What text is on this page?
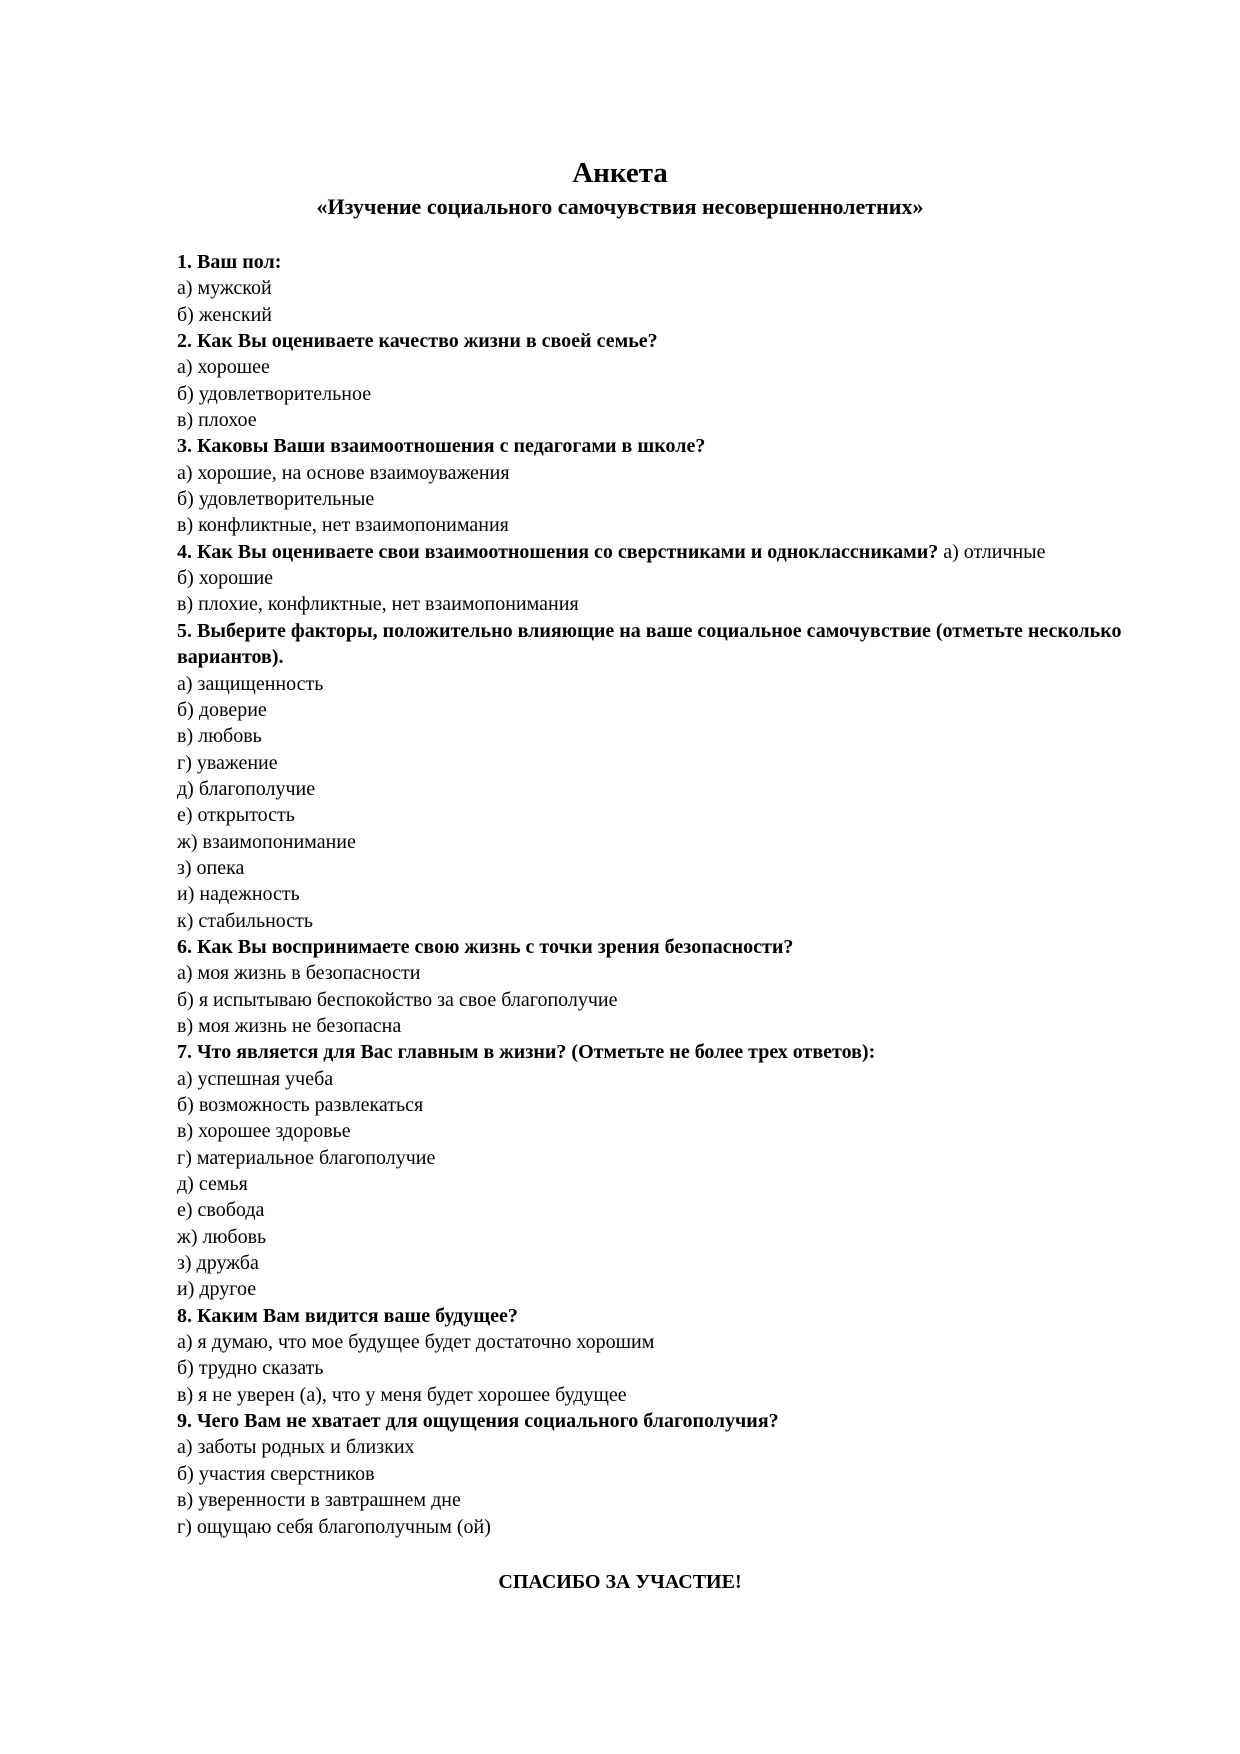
Анкета
«Изучение социального самочувствия несовершеннолетних»

1. Ваш пол:

а) мужской

б) женский

2. Как Вы оцениваете качество жизни в своей семье?

а) хорошее

б) удовлетворительное

в) плохое

3. Каковы Ваши взаимоотношения с педагогами в школе?

а) хорошие, на основе взаимоуважения

б) удовлетворительные

в) конфликтные, нет взаимопонимания

4. Как Вы оцениваете свои взаимоотношения со сверстниками и одноклассниками? а) отличные

б) хорошие

в) плохие, конфликтные, нет взаимопонимания

5. Выберите факторы, положительно влияющие на ваше социальное самочувствие (отметьте несколько вариантов).

а) защищенность

б) доверие

в) любовь

г) уважение

д) благополучие

е) открытость

ж) взаимопонимание

з) опека

и) надежность

к) стабильность

6. Как Вы воспринимаете свою жизнь с точки зрения безопасности?

а) моя жизнь в безопасности

б) я испытываю беспокойство за свое благополучие

в) моя жизнь не безопасна

7. Что является для Вас главным в жизни? (Отметьте не более трех ответов):

а) успешная учеба

б) возможность развлекаться

в) хорошее здоровье

г) материальное благополучие

д) семья

е) свобода

ж) любовь

з) дружба

и) другое

8. Каким Вам видится ваше будущее?

а) я думаю, что мое будущее будет достаточно хорошим

б) трудно сказать

в) я не уверен (а), что у меня будет хорошее будущее

9. Чего Вам не хватает для ощущения социального благополучия?

а) заботы родных и близких

б) участия сверстников

в) уверенности в завтрашнем дне

г) ощущаю себя благополучным (ой)

СПАСИБО ЗА УЧАСТИЕ!
